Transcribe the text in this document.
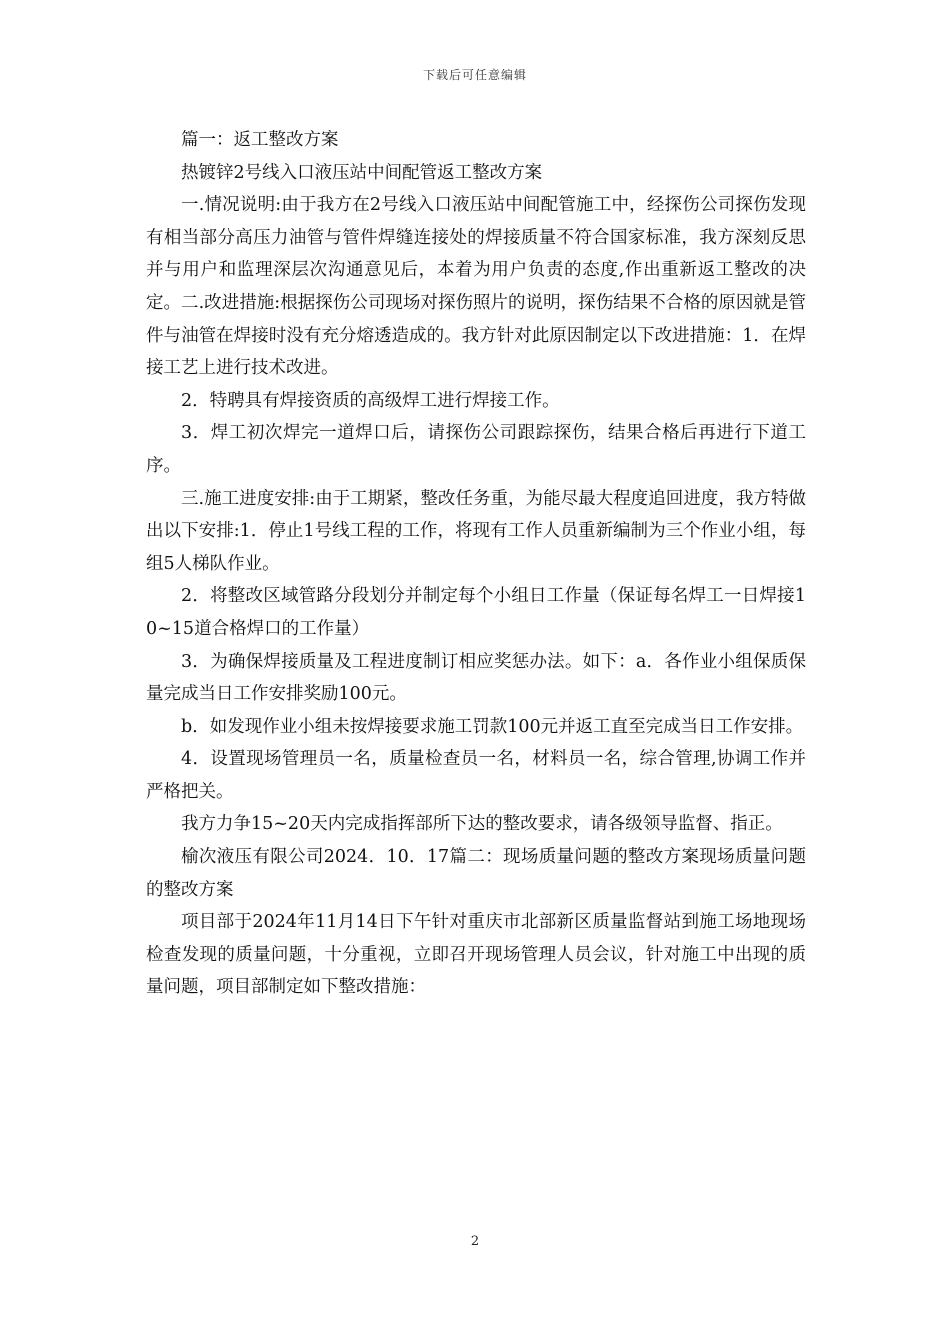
下载后可任意编辑

篇一：返工整改方案

热镀锌2号线入口液压站中间配管返工整改方案

一.情况说明:由于我方在2号线入口液压站中间配管施工中，经探伤公司探伤发现有相当部分高压力油管与管件焊缝连接处的焊接质量不符合国家标准，我方深刻反思并与用户和监理深层次沟通意见后，本着为用户负责的态度,作出重新返工整改的决定。二.改进措施:根据探伤公司现场对探伤照片的说明，探伤结果不合格的原因就是管件与油管在焊接时没有充分熔透造成的。我方针对此原因制定以下改进措施：1．在焊接工艺上进行技术改进。

2．特聘具有焊接资质的高级焊工进行焊接工作。

3．焊工初次焊完一道焊口后，请探伤公司跟踪探伤，结果合格后再进行下道工序。

三.施工进度安排:由于工期紧，整改任务重，为能尽最大程度追回进度，我方特做出以下安排:1．停止1号线工程的工作，将现有工作人员重新编制为三个作业小组，每组5人梯队作业。

2．将整改区域管路分段划分并制定每个小组日工作量（保证每名焊工一日焊接10~15道合格焊口的工作量）

3．为确保焊接质量及工程进度制订相应奖惩办法。如下：a．各作业小组保质保量完成当日工作安排奖励100元。

b．如发现作业小组未按焊接要求施工罚款100元并返工直至完成当日工作安排。

4．设置现场管理员一名，质量检查员一名，材料员一名，综合管理,协调工作并严格把关。

我方力争15~20天内完成指挥部所下达的整改要求，请各级领导监督、指正。

榆次液压有限公司2024．10．17篇二：现场质量问题的整改方案现场质量问题的整改方案

项目部于2024年11月14日下午针对重庆市北部新区质量监督站到施工场地现场检查发现的质量问题，十分重视，立即召开现场管理人员会议，针对施工中出现的质量问题，项目部制定如下整改措施：

2
